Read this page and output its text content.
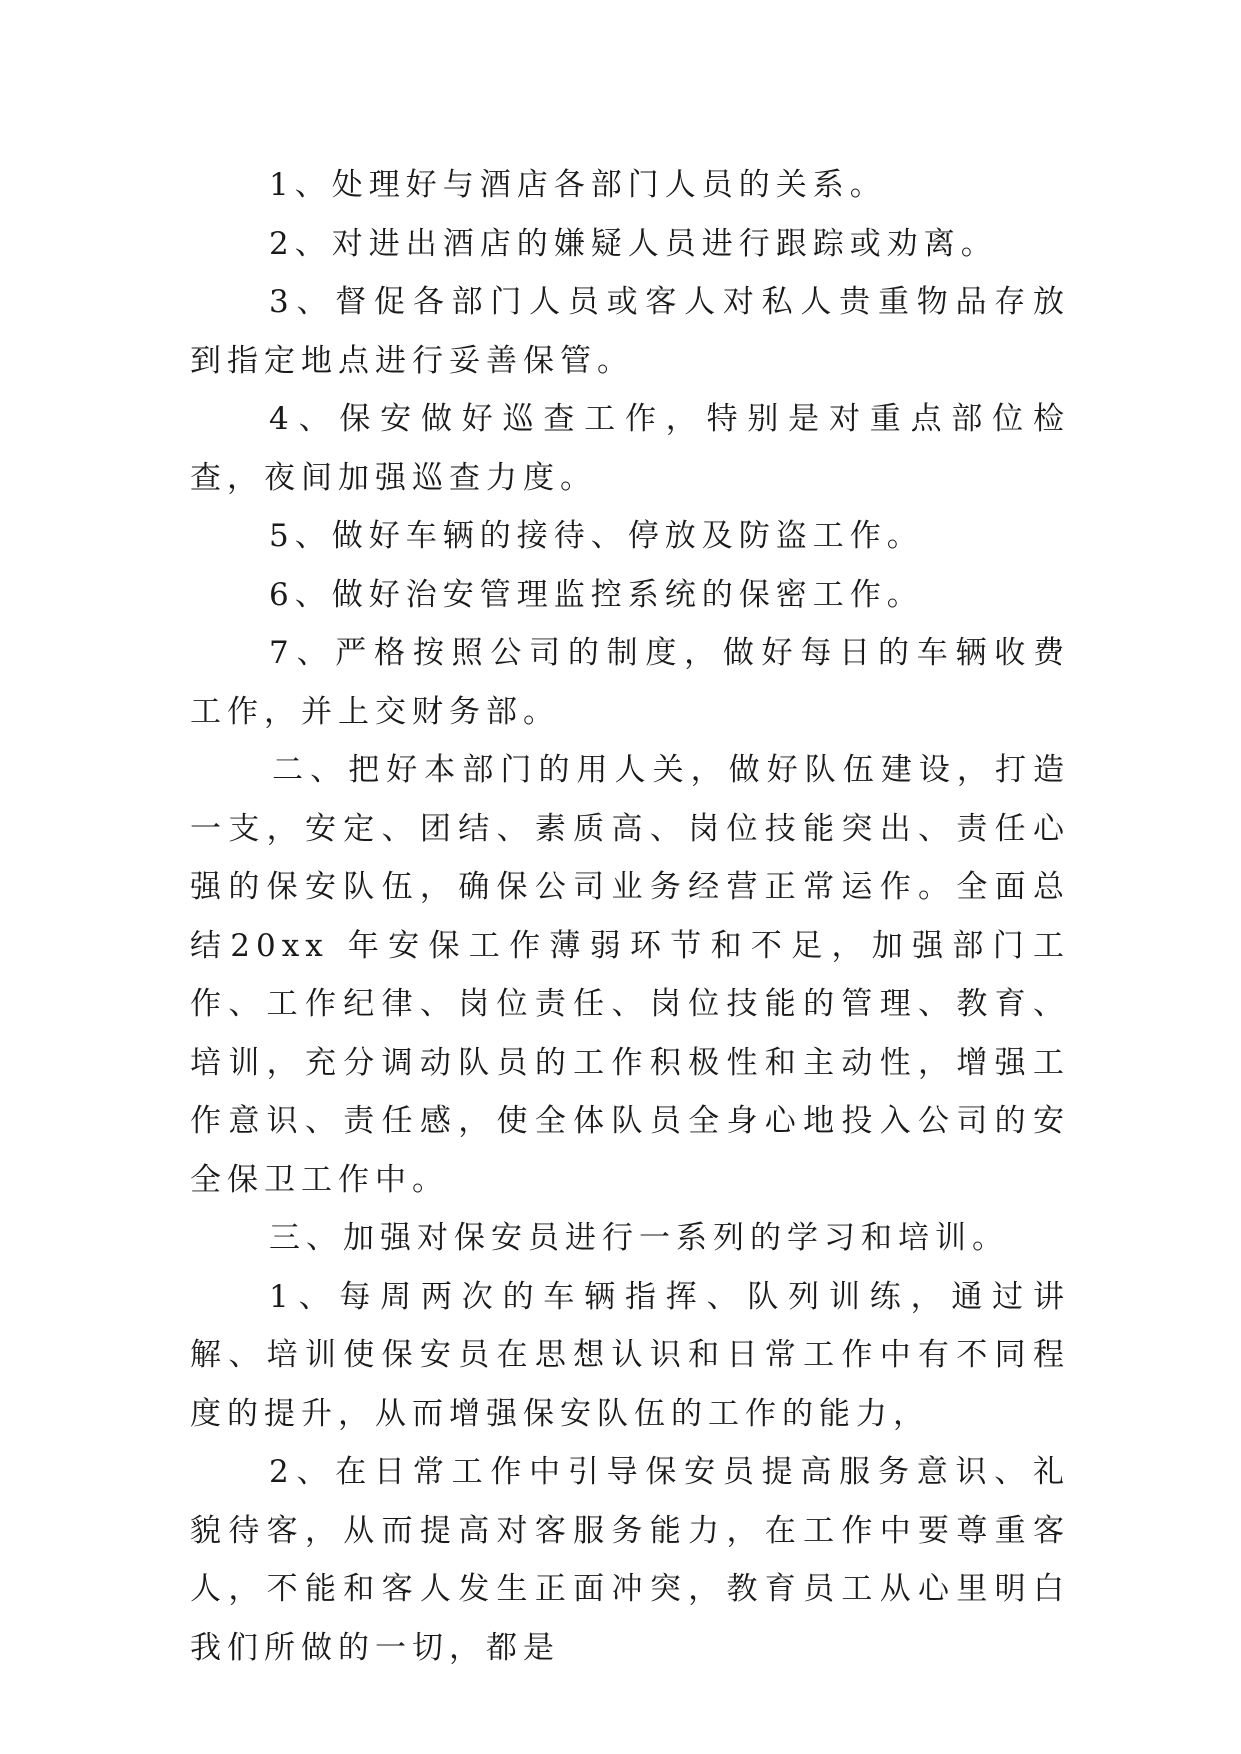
1、处理好与酒店各部门人员的关系。

2、对进出酒店的嫌疑人员进行跟踪或劝离。

3、督促各部门人员或客人对私人贵重物品存放到指定地点进行妥善保管。

4、保安做好巡查工作，特别是对重点部位检查，夜间加强巡查力度。

5、做好车辆的接待、停放及防盗工作。

6、做好治安管理监控系统的保密工作。

7、严格按照公司的制度，做好每日的车辆收费工作，并上交财务部。

二、把好本部门的用人关，做好队伍建设，打造一支，安定、团结、素质高、岗位技能突出、责任心强的保安队伍，确保公司业务经营正常运作。全面总结20xx 年安保工作薄弱环节和不足，加强部门工作、工作纪律、岗位责任、岗位技能的管理、教育、培训，充分调动队员的工作积极性和主动性，增强工作意识、责任感，使全体队员全身心地投入公司的安全保卫工作中。

三、加强对保安员进行一系列的学习和培训。

1、每周两次的车辆指挥、队列训练，通过讲解、培训使保安员在思想认识和日常工作中有不同程度的提升，从而增强保安队伍的工作的能力，

2、在日常工作中引导保安员提高服务意识、礼貌待客，从而提高对客服务能力，在工作中要尊重客人，不能和客人发生正面冲突，教育员工从心里明白我们所做的一切，都是
